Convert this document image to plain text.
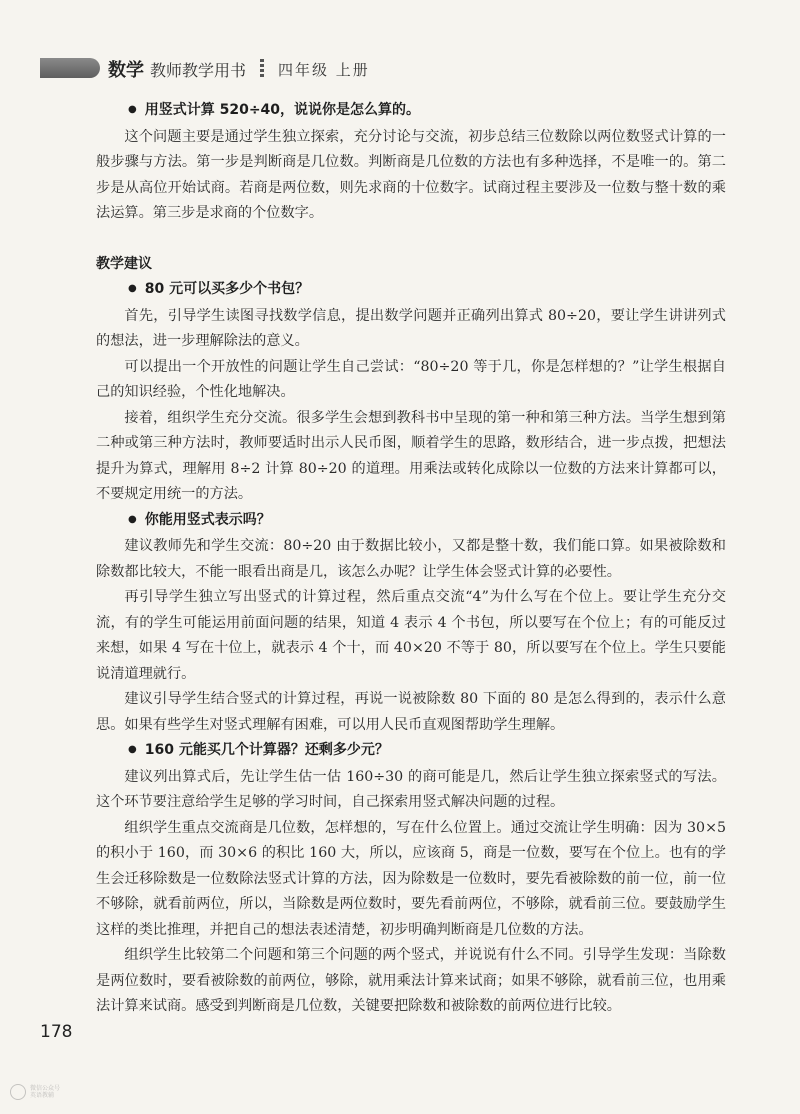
数学 教师教学用书 四年级 上册
● 用竖式计算 520÷40，说说你是怎么算的。

这个问题主要是通过学生独立探索，充分讨论与交流，初步总结三位数除以两位数竖式计算的一般步骤与方法。第一步是判断商是几位数。判断商是几位数的方法也有多种选择，不是唯一的。第二步是从高位开始试商。若商是两位数，则先求商的十位数字。试商过程主要涉及一位数与整十数的乘法运算。第三步是求商的个位数字。

教学建议
● 80 元可以买多少个书包？

首先，引导学生读图寻找数学信息，提出数学问题并正确列出算式 80÷20，要让学生讲讲列式的想法，进一步理解除法的意义。

可以提出一个开放性的问题让学生自己尝试：“80÷20 等于几，你是怎样想的？”让学生根据自己的知识经验，个性化地解决。

接着，组织学生充分交流。很多学生会想到教科书中呈现的第一种和第三种方法。当学生想到第二种或第三种方法时，教师要适时出示人民币图，顺着学生的思路，数形结合，进一步点拨，把想法提升为算式，理解用 8÷2 计算 80÷20 的道理。用乘法或转化成除以一位数的方法来计算都可以，不要规定用统一的方法。

● 你能用竖式表示吗？

建议教师先和学生交流：80÷20 由于数据比较小，又都是整十数，我们能口算。如果被除数和除数都比较大，不能一眼看出商是几，该怎么办呢？让学生体会竖式计算的必要性。

再引导学生独立写出竖式的计算过程，然后重点交流“4”为什么写在个位上。要让学生充分交流，有的学生可能运用前面问题的结果，知道 4 表示 4 个书包，所以要写在个位上；有的可能反过来想，如果 4 写在十位上，就表示 4 个十，而 40×20 不等于 80，所以要写在个位上。学生只要能说清道理就行。

建议引导学生结合竖式的计算过程，再说一说被除数 80 下面的 80 是怎么得到的，表示什么意思。如果有些学生对竖式理解有困难，可以用人民币直观图帮助学生理解。

● 160 元能买几个计算器？还剩多少元？

建议列出算式后，先让学生估一估 160÷30 的商可能是几，然后让学生独立探索竖式的写法。这个环节要注意给学生足够的学习时间，自己探索用竖式解决问题的过程。

组织学生重点交流商是几位数，怎样想的，写在什么位置上。通过交流让学生明确：因为 30×5 的积小于 160，而 30×6 的积比 160 大，所以，应该商 5，商是一位数，要写在个位上。也有的学生会迁移除数是一位数除法竖式计算的方法，因为除数是一位数时，要先看被除数的前一位，前一位不够除，就看前两位，所以，当除数是两位数时，要先看前两位，不够除，就看前三位。要鼓励学生这样的类比推理，并把自己的想法表述清楚，初步明确判断商是几位数的方法。

组织学生比较第二个问题和第三个问题的两个竖式，并说说有什么不同。引导学生发现：当除数是两位数时，要看被除数的前两位，够除，就用乘法计算来试商；如果不够除，就看前三位，也用乘法计算来试商。感受到判断商是几位数，关键要把除数和被除数的前两位进行比较。

178
微信公众号
英语教辅
